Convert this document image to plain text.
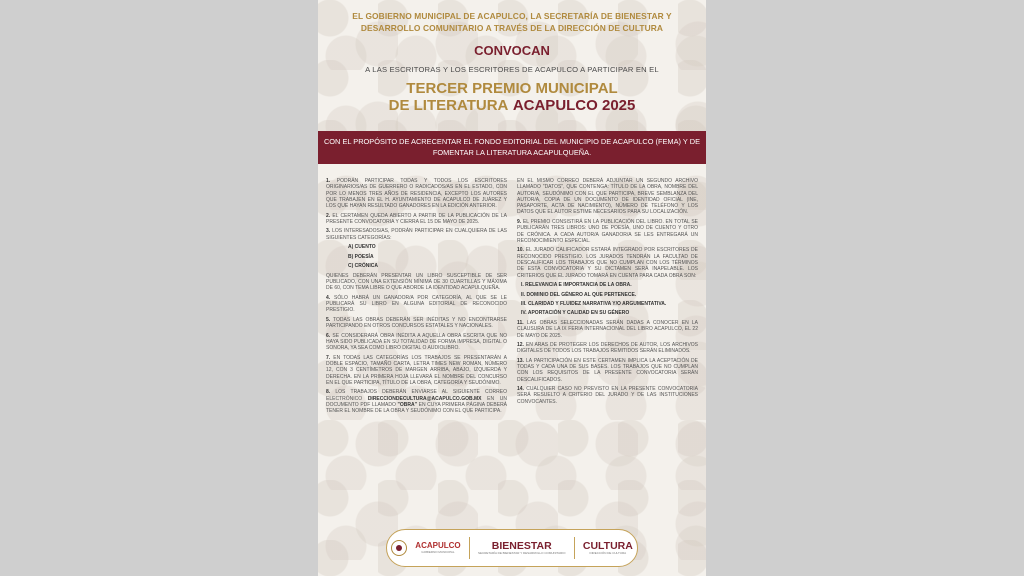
EL GOBIERNO MUNICIPAL DE ACAPULCO, LA SECRETARÍA DE BIENESTAR Y DESARROLLO COMUNITARIO A TRAVÉS DE LA DIRECCIÓN DE CULTURA
CONVOCAN
A LAS ESCRITORAS Y LOS ESCRITORES DE ACAPULCO A PARTICIPAR EN EL
TERCER PREMIO MUNICIPAL
DE LITERATURA ACAPULCO 2025
CON EL PROPÓSITO DE ACRECENTAR EL FONDO EDITORIAL DEL MUNICIPIO DE ACAPULCO (FEMA) Y DE FOMENTAR LA LITERATURA ACAPULQUEÑA.

1. PODRÁN PARTICIPAR TODAS Y TODOS LOS ESCRITORES ORIGINARIOS/AS DE GUERRERO O RADICADOS/AS EN EL ESTADO, CON POR LO MENOS TRES AÑOS DE RESIDENCIA, EXCEPTO LOS AUTORES QUE TRABAJEN EN EL H. AYUNTAMIENTO DE ACAPULCO DE JUÁREZ Y LOS QUE HAYAN RESULTADO GANADORES EN LA EDICIÓN ANTERIOR.

2. EL CERTAMEN QUEDA ABIERTO A PARTIR DE LA PUBLICACIÓN DE LA PRESENTE CONVOCATORIA Y CIERRA EL 15 DE MAYO DE 2025.

3. LOS INTERESADOS/AS, PODRÁN PARTICIPAR EN CUALQUIERA DE LAS SIGUIENTES CATEGORÍAS:

A) CUENTO

B) POESÍA

C) CRÓNICA

QUIENES DEBERÁN PRESENTAR UN LIBRO SUSCEPTIBLE DE SER PUBLICADO, CON UNA EXTENSIÓN MÍNIMA DE 30 CUARTILLAS Y MÁXIMA DE 60, CON TEMA LIBRE O QUE ABORDE LA IDENTIDAD ACAPULQUEÑA.

4. SÓLO HABRÁ UN GANADOR/A POR CATEGORÍA, AL QUE SE LE PUBLICARÁ SU LIBRO EN ALGUNA EDITORIAL DE RECONOCIDO PRESTIGIO.

5. TODAS LAS OBRAS DEBERÁN SER INÉDITAS Y NO ENCONTRARSE PARTICIPANDO EN OTROS CONCURSOS ESTATALES Y NACIONALES.

6. SE CONSIDERARÁ OBRA INÉDITA A AQUELLA OBRA ESCRITA QUE NO HAYA SIDO PUBLICADA EN SU TOTALIDAD DE FORMA IMPRESA, DIGITAL O SONORA, YA SEA COMO LIBRO DIGITAL O AUDIOLIBRO.

7. EN TODAS LAS CATEGORÍAS LOS TRABAJOS SE PRESENTARÁN A DOBLE ESPACIO, TAMAÑO CARTA, LETRA TIMES NEW ROMAN, NÚMERO 12, CON 3 CENTÍMETROS DE MARGEN ARRIBA, ABAJO, IZQUIERDA Y DERECHA. EN LA PRIMERA HOJA LLEVARÁ EL NOMBRE DEL CONCURSO EN EL QUE PARTICIPA, TÍTULO DE LA OBRA, CATEGORÍA Y SEUDÓNIMO.

8. LOS TRABAJOS DEBERÁN ENVIARSE AL SIGUIENTE CORREO ELECTRÓNICO DIRECCIONDECULTURA@ACAPULCO.GOB.MX EN UN DOCUMENTO PDF LLAMADO "OBRA" EN CUYA PRIMERA PÁGINA DEBERÁ TENER EL NOMBRE DE LA OBRA Y SEUDÓNIMO CON EL QUE PARTICIPA.

EN EL MISMO CORREO DEBERÁ ADJUNTAR UN SEGUNDO ARCHIVO LLAMADO "DATOS", QUE CONTENGA: TÍTULO DE LA OBRA, NOMBRE DEL AUTOR/A, SEUDÓNIMO CON EL QUE PARTICIPA, BREVE SEMBLANZA DEL AUTOR/A, COPIA DE UN DOCUMENTO DE IDENTIDAD OFICIAL (INE, PASAPORTE, ACTA DE NACIMIENTO), NÚMERO DE TELÉFONO Y LOS DATOS QUE EL AUTOR ESTIME NECESARIOS PARA SU LOCALIZACIÓN.

9. EL PREMIO CONSISTIRÁ EN LA PUBLICACIÓN DEL LIBRO. EN TOTAL SE PUBLICARÁN TRES LIBROS: UNO DE POESÍA, UNO DE CUENTO Y OTRO DE CRÓNICA. A CADA AUTOR/A GANADOR/A SE LES ENTREGARÁ UN RECONOCIMIENTO ESPECIAL.

10. EL JURADO CALIFICADOR ESTARÁ INTEGRADO POR ESCRITORES DE RECONOCIDO PRESTIGIO. LOS JURADOS TENDRÁN LA FACULTAD DE DESCALIFICAR LOS TRABAJOS QUE NO CUMPLAN CON LOS TÉRMINOS DE ESTA CONVOCATORIA Y SU DICTAMEN SERÁ INAPELABLE. LOS CRITERIOS QUE EL JURADO TOMARÁ EN CUENTA PARA CADA OBRA SON:

I. RELEVANCIA E IMPORTANCIA DE LA OBRA.

II. DOMINIO DEL GÉNERO AL QUE PERTENECE.

III. CLARIDAD Y FLUIDEZ NARRATIVA Y/O ARGUMENTATIVA.

IV. APORTACIÓN Y CALIDAD EN SU GÉNERO

11. LAS OBRAS SELECCIONADAS SERÁN DADAS A CONOCER EN LA CLAUSURA DE LA IX FERIA INTERNACIONAL DEL LIBRO ACAPULCO, EL 22 DE MAYO DE 2025.

12. EN ARAS DE PROTEGER LOS DERECHOS DE AUTOR, LOS ARCHIVOS DIGITALES DE TODOS LOS TRABAJOS REMITIDOS SERÁN ELIMINADOS.

13. LA PARTICIPACIÓN EN ESTE CERTAMEN IMPLICA LA ACEPTACIÓN DE TODAS Y CADA UNA DE SUS BASES. LOS TRABAJOS QUE NO CUMPLAN CON LOS REQUISITOS DE LA PRESENTE CONVOCATORIA SERÁN DESCALIFICADOS.

14. CUALQUIER CASO NO PREVISTO EN LA PRESENTE CONVOCATORIA SERÁ RESUELTO A CRITERIO DEL JURADO Y DE LAS INSTITUCIONES CONVOCANTES.

ACAPULCO
GOBIERNO MUNICIPAL	BIENESTAR
SECRETARÍA DE BIENESTAR Y DESARROLLO COMUNITARIO
CULTURA
DIRECCIÓN DE CULTURA
